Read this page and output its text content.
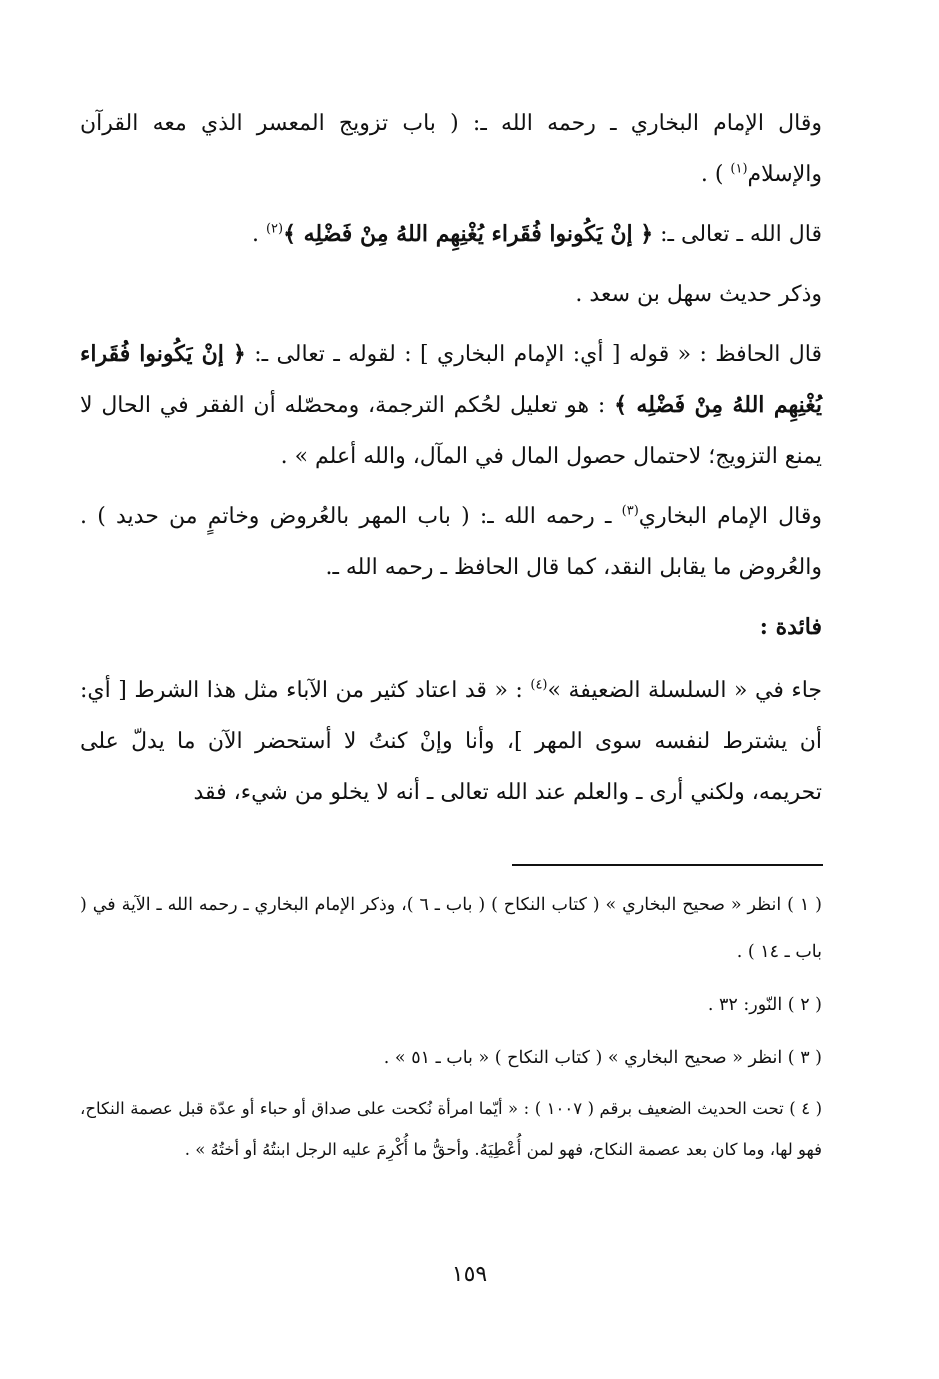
وقال الإمام البخاري ـ رحمه الله ـ: ( باب تزويج المعسر الذي معه القرآن والإسلام$^{(١)}$ ) .

قال الله ـ تعالى ـ: ﴿ إنْ يَكُونوا فُقَراء يُغْنِهِم اللهُ مِنْ فَضْلِه ﴾$^{(٢)}$ .

وذكر حديث سهل بن سعد .

قال الحافظ : « قوله [ أي: الإمام البخاري ] : لقوله ـ تعالى ـ: ﴿ إنْ يَكُونوا فُقَراء يُغْنِهِم اللهُ مِنْ فَضْلِه ﴾ : هو تعليل لحُكم الترجمة، ومحصّله أن الفقر في الحال لا يمنع التزويج؛ لاحتمال حصول المال في المآل، والله أعلم » .

وقال الإمام البخاري$^{(٣)}$ ـ رحمه الله ـ: ( باب المهر بالعُروض وخاتمٍ من حديد ) . والعُروض ما يقابل النقد، كما قال الحافظ ـ رحمه الله ـ.

فائدة :

جاء في « السلسلة الضعيفة »$^{(٤)}$ : « قد اعتاد كثير من الآباء مثل هذا الشرط [ أي: أن يشترط لنفسه سوى المهر ]، وأنا وإنْ كنتُ لا أستحضر الآن ما يدلّ على تحريمه، ولكني أرى ـ والعلم عند الله تعالى ـ أنه لا يخلو من شيء، فقد

( ١ ) انظر « صحيح البخاري » ( كتاب النكاح ) ( باب ـ ٦ )، وذكر الإمام البخاري ـ رحمه الله ـ الآية في ( باب ـ ١٤ ) .

( ٢ ) النّور: ٣٢ .

( ٣ ) انظر « صحيح البخاري » ( كتاب النكاح ) « باب ـ ٥١ » .

( ٤ ) تحت الحديث الضعيف برقم ( ١٠٠٧ ) : « أيّما امرأة نُكحت على صداق أو حباء أو عدّة قبل عصمة النكاح، فهو لها، وما كان بعد عصمة النكاح، فهو لمن أُعْطِيَهُ. وأحقُّ ما أُكْرِمَ عليه الرجل ابنتُهُ أو أختُهُ » .

١٥٩
